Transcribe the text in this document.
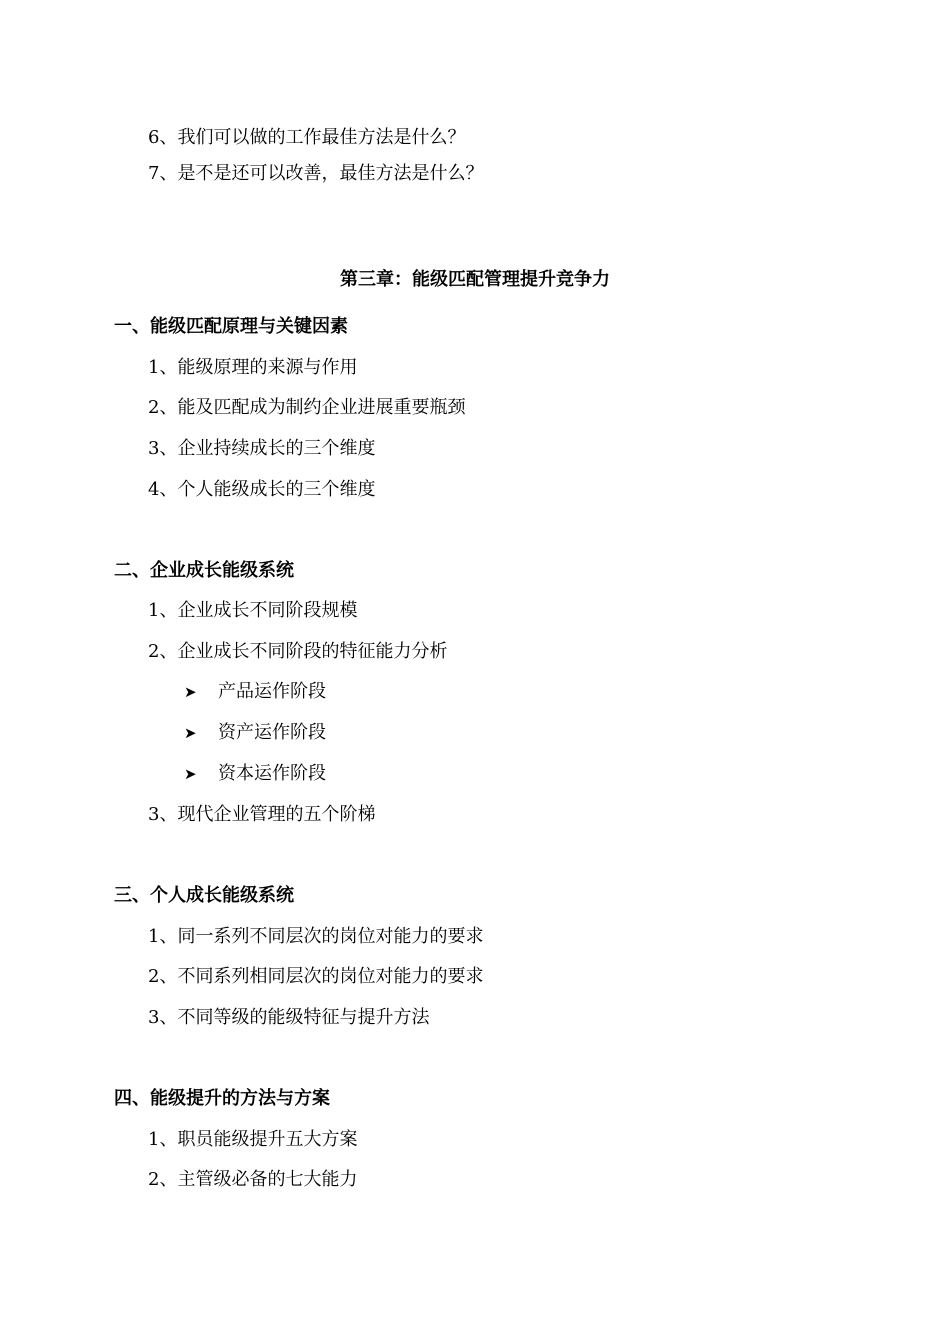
6、我们可以做的工作最佳方法是什么？
7、是不是还可以改善，最佳方法是什么？
第三章：能级匹配管理提升竞争力
一、能级匹配原理与关键因素
1、能级原理的来源与作用
2、能及匹配成为制约企业进展重要瓶颈
3、企业持续成长的三个维度
4、个人能级成长的三个维度
二、企业成长能级系统
1、企业成长不同阶段规模
2、企业成长不同阶段的特征能力分析
➤ 产品运作阶段
➤ 资产运作阶段
➤ 资本运作阶段
3、现代企业管理的五个阶梯
三、个人成长能级系统
1、同一系列不同层次的岗位对能力的要求
2、不同系列相同层次的岗位对能力的要求
3、不同等级的能级特征与提升方法
四、能级提升的方法与方案
1、职员能级提升五大方案
2、主管级必备的七大能力
